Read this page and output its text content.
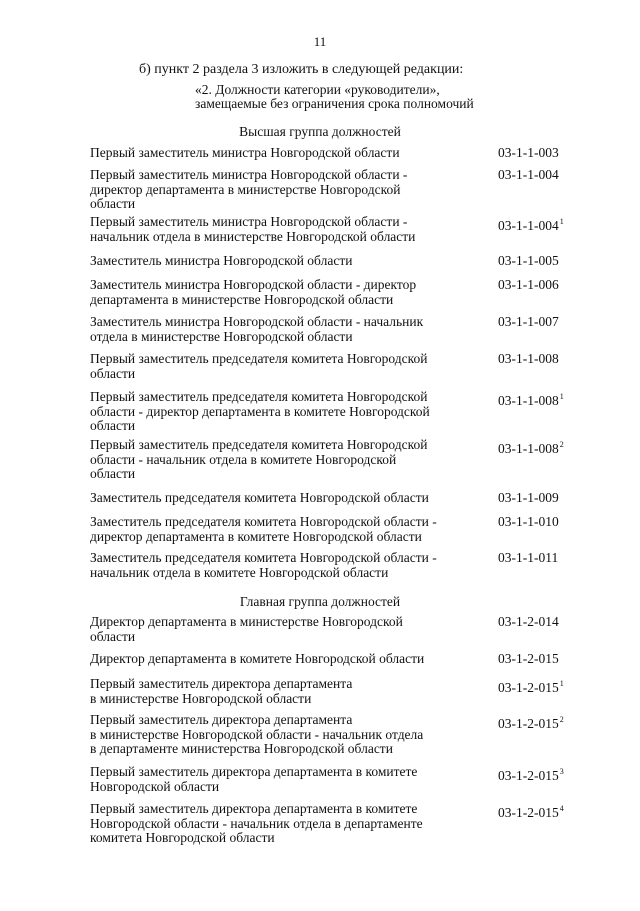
11
б) пункт 2 раздела 3 изложить в следующей редакции:
«2. Должности категории «руководители»,
замещаемые без ограничения срока полномочий
Высшая группа должностей
Первый заместитель министра Новгородской области	03-1-1-003
Первый заместитель министра Новгородской области -
директор департамента в министерстве Новгородской
области
03-1-1-004
Первый заместитель министра Новгородской области -
начальник отдела в министерстве Новгородской области
$03-1-1-004^1$
Заместитель министра Новгородской области	03-1-1-005
Заместитель министра Новгородской области - директор
департамента в министерстве Новгородской области
03-1-1-006
Заместитель министра Новгородской области - начальник
отдела в министерстве Новгородской области
03-1-1-007
Первый заместитель председателя комитета Новгородской
области
03-1-1-008
Первый заместитель председателя комитета Новгородской
области - директор департамента в комитете Новгородской
области
$03-1-1-008^1$
Первый заместитель председателя комитета Новгородской
области - начальник отдела в комитете Новгородской
области
$03-1-1-008^2$
Заместитель председателя комитета Новгородской области	03-1-1-009
Заместитель председателя комитета Новгородской области -
директор департамента в комитете Новгородской области
03-1-1-010
Заместитель председателя комитета Новгородской области -
начальник отдела в комитете Новгородской области
03-1-1-011
Главная группа должностей
Директор департамента в министерстве Новгородской
области
03-1-2-014
Директор департамента в комитете Новгородской области	03-1-2-015
Первый заместитель директора департамента
в министерстве Новгородской области
$03-1-2-015^1$
Первый заместитель директора департамента
в министерстве Новгородской области - начальник отдела
в департаменте министерства Новгородской области
$03-1-2-015^2$
Первый заместитель директора департамента в комитете
Новгородской области
$03-1-2-015^3$
Первый заместитель директора департамента в комитете
Новгородской области - начальник отдела в департаменте
комитета Новгородской области
$03-1-2-015^4$
